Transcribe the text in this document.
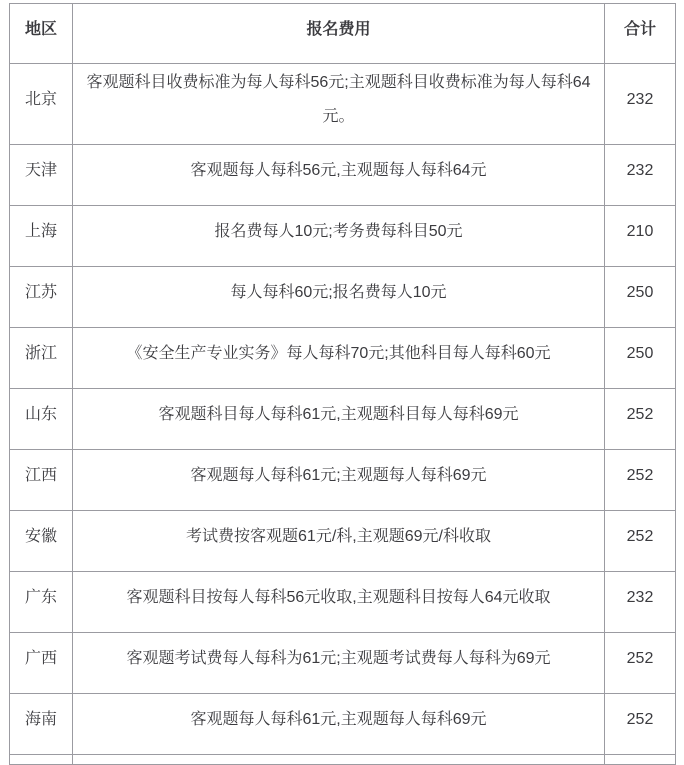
地区	报名费用	合计

北京	客观题科目收费标准为每人每科56元;主观题科目收费标准为每人每科64元。	232

天津	客观题每人每科56元,主观题每人每科64元	232

上海	报名费每人10元;考务费每科目50元	210

江苏	每人每科60元;报名费每人10元	250

浙江	《安全生产专业实务》每人每科70元;其他科目每人每科60元	250

山东	客观题科目每人每科61元,主观题科目每人每科69元	252

江西	客观题每人每科61元;主观题每人每科69元	252

安徽	考试费按客观题61元/科,主观题69元/科收取	252

广东	客观题科目按每人每科56元收取,主观题科目按每人64元收取	232

广西	客观题考试费每人每科为61元;主观题考试费每人每科为69元	252

海南	客观题每人每科61元,主观题每人每科69元	252
